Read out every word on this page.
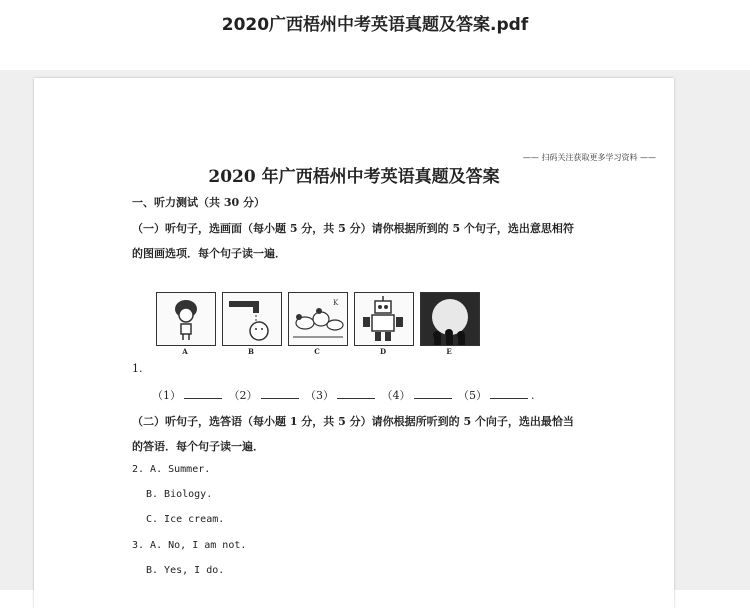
2020广西梧州中考英语真题及答案.pdf
—— 扫码关注获取更多学习资料 ——
2020 年广西梧州中考英语真题及答案
一、听力测试（共 30 分）
（一）听句子，选画面（每小题 5 分，共 5 分）请你根据所到的 5 个句子，选出意思相符
的图画选项．每个句子读一遍．
A	B
K
C	D	E
1.
（1）	（2）	（3）	（4）	（5）	.
（二）听句子，选答语（每小题 1 分，共 5 分）请你根据所听到的 5 个向子，选出最恰当
的答语．每个句子读一遍．
2. A. Summer.
B. Biology.
C. Ice cream.
3. A. No, I am not.
B. Yes, I do.
